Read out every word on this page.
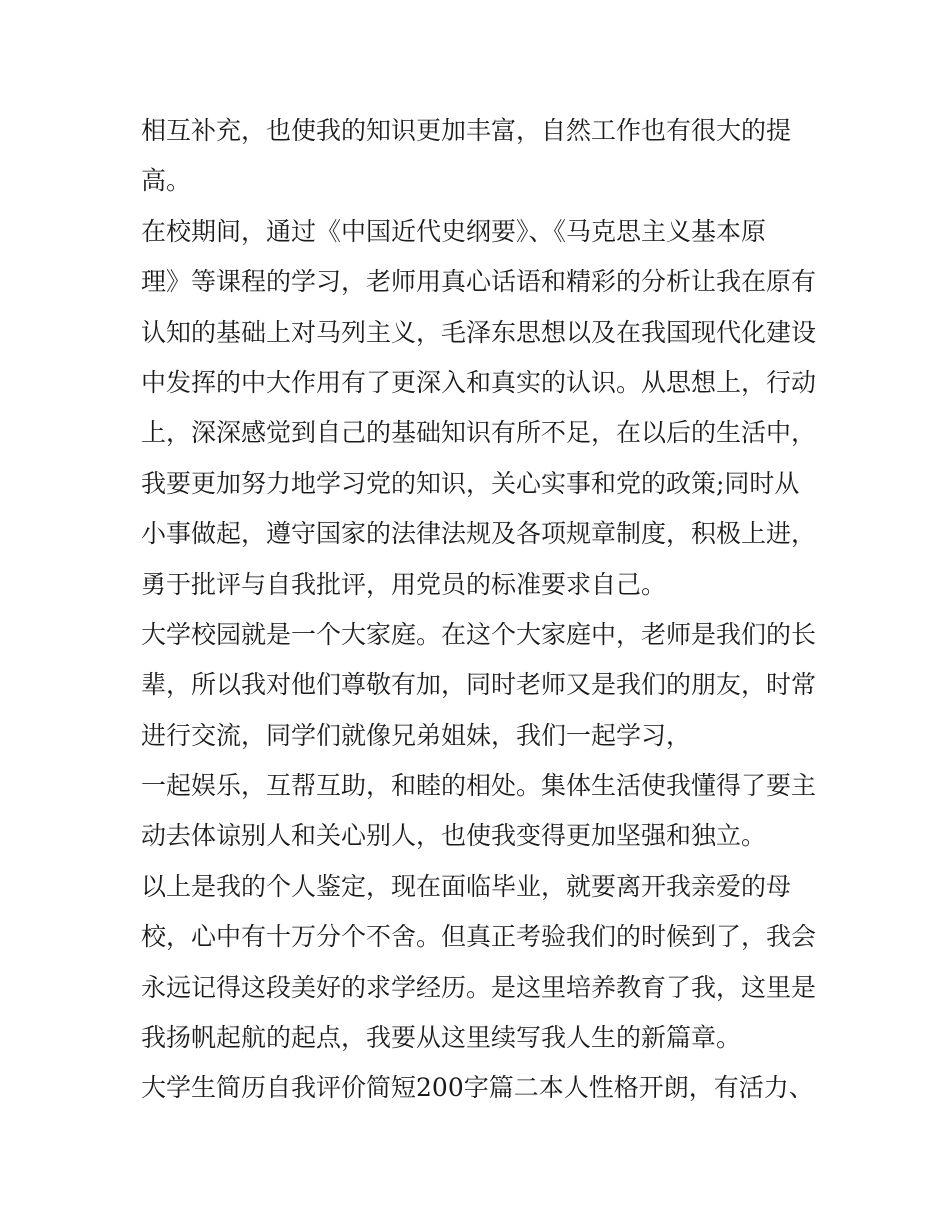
相互补充，也使我的知识更加丰富，自然工作也有很大的提
高。
在校期间，通过《中国近代史纲要》、《马克思主义基本原
理》等课程的学习，老师用真心话语和精彩的分析让我在原有
认知的基础上对马列主义，毛泽东思想以及在我国现代化建设
中发挥的中大作用有了更深入和真实的认识。从思想上，行动
上，深深感觉到自己的基础知识有所不足，在以后的生活中，
我要更加努力地学习党的知识，关心实事和党的政策;同时从
小事做起，遵守国家的法律法规及各项规章制度，积极上进，
勇于批评与自我批评，用党员的标准要求自己。
大学校园就是一个大家庭。在这个大家庭中，老师是我们的长
辈，所以我对他们尊敬有加，同时老师又是我们的朋友，时常
进行交流，同学们就像兄弟姐妹，我们一起学习，
一起娱乐，互帮互助，和睦的相处。集体生活使我懂得了要主
动去体谅别人和关心别人，也使我变得更加坚强和独立。
以上是我的个人鉴定，现在面临毕业，就要离开我亲爱的母
校，心中有十万分个不舍。但真正考验我们的时候到了，我会
永远记得这段美好的求学经历。是这里培养教育了我，这里是
我扬帆起航的起点，我要从这里续写我人生的新篇章。
大学生简历自我评价简短200字篇二本人性格开朗，有活力、
